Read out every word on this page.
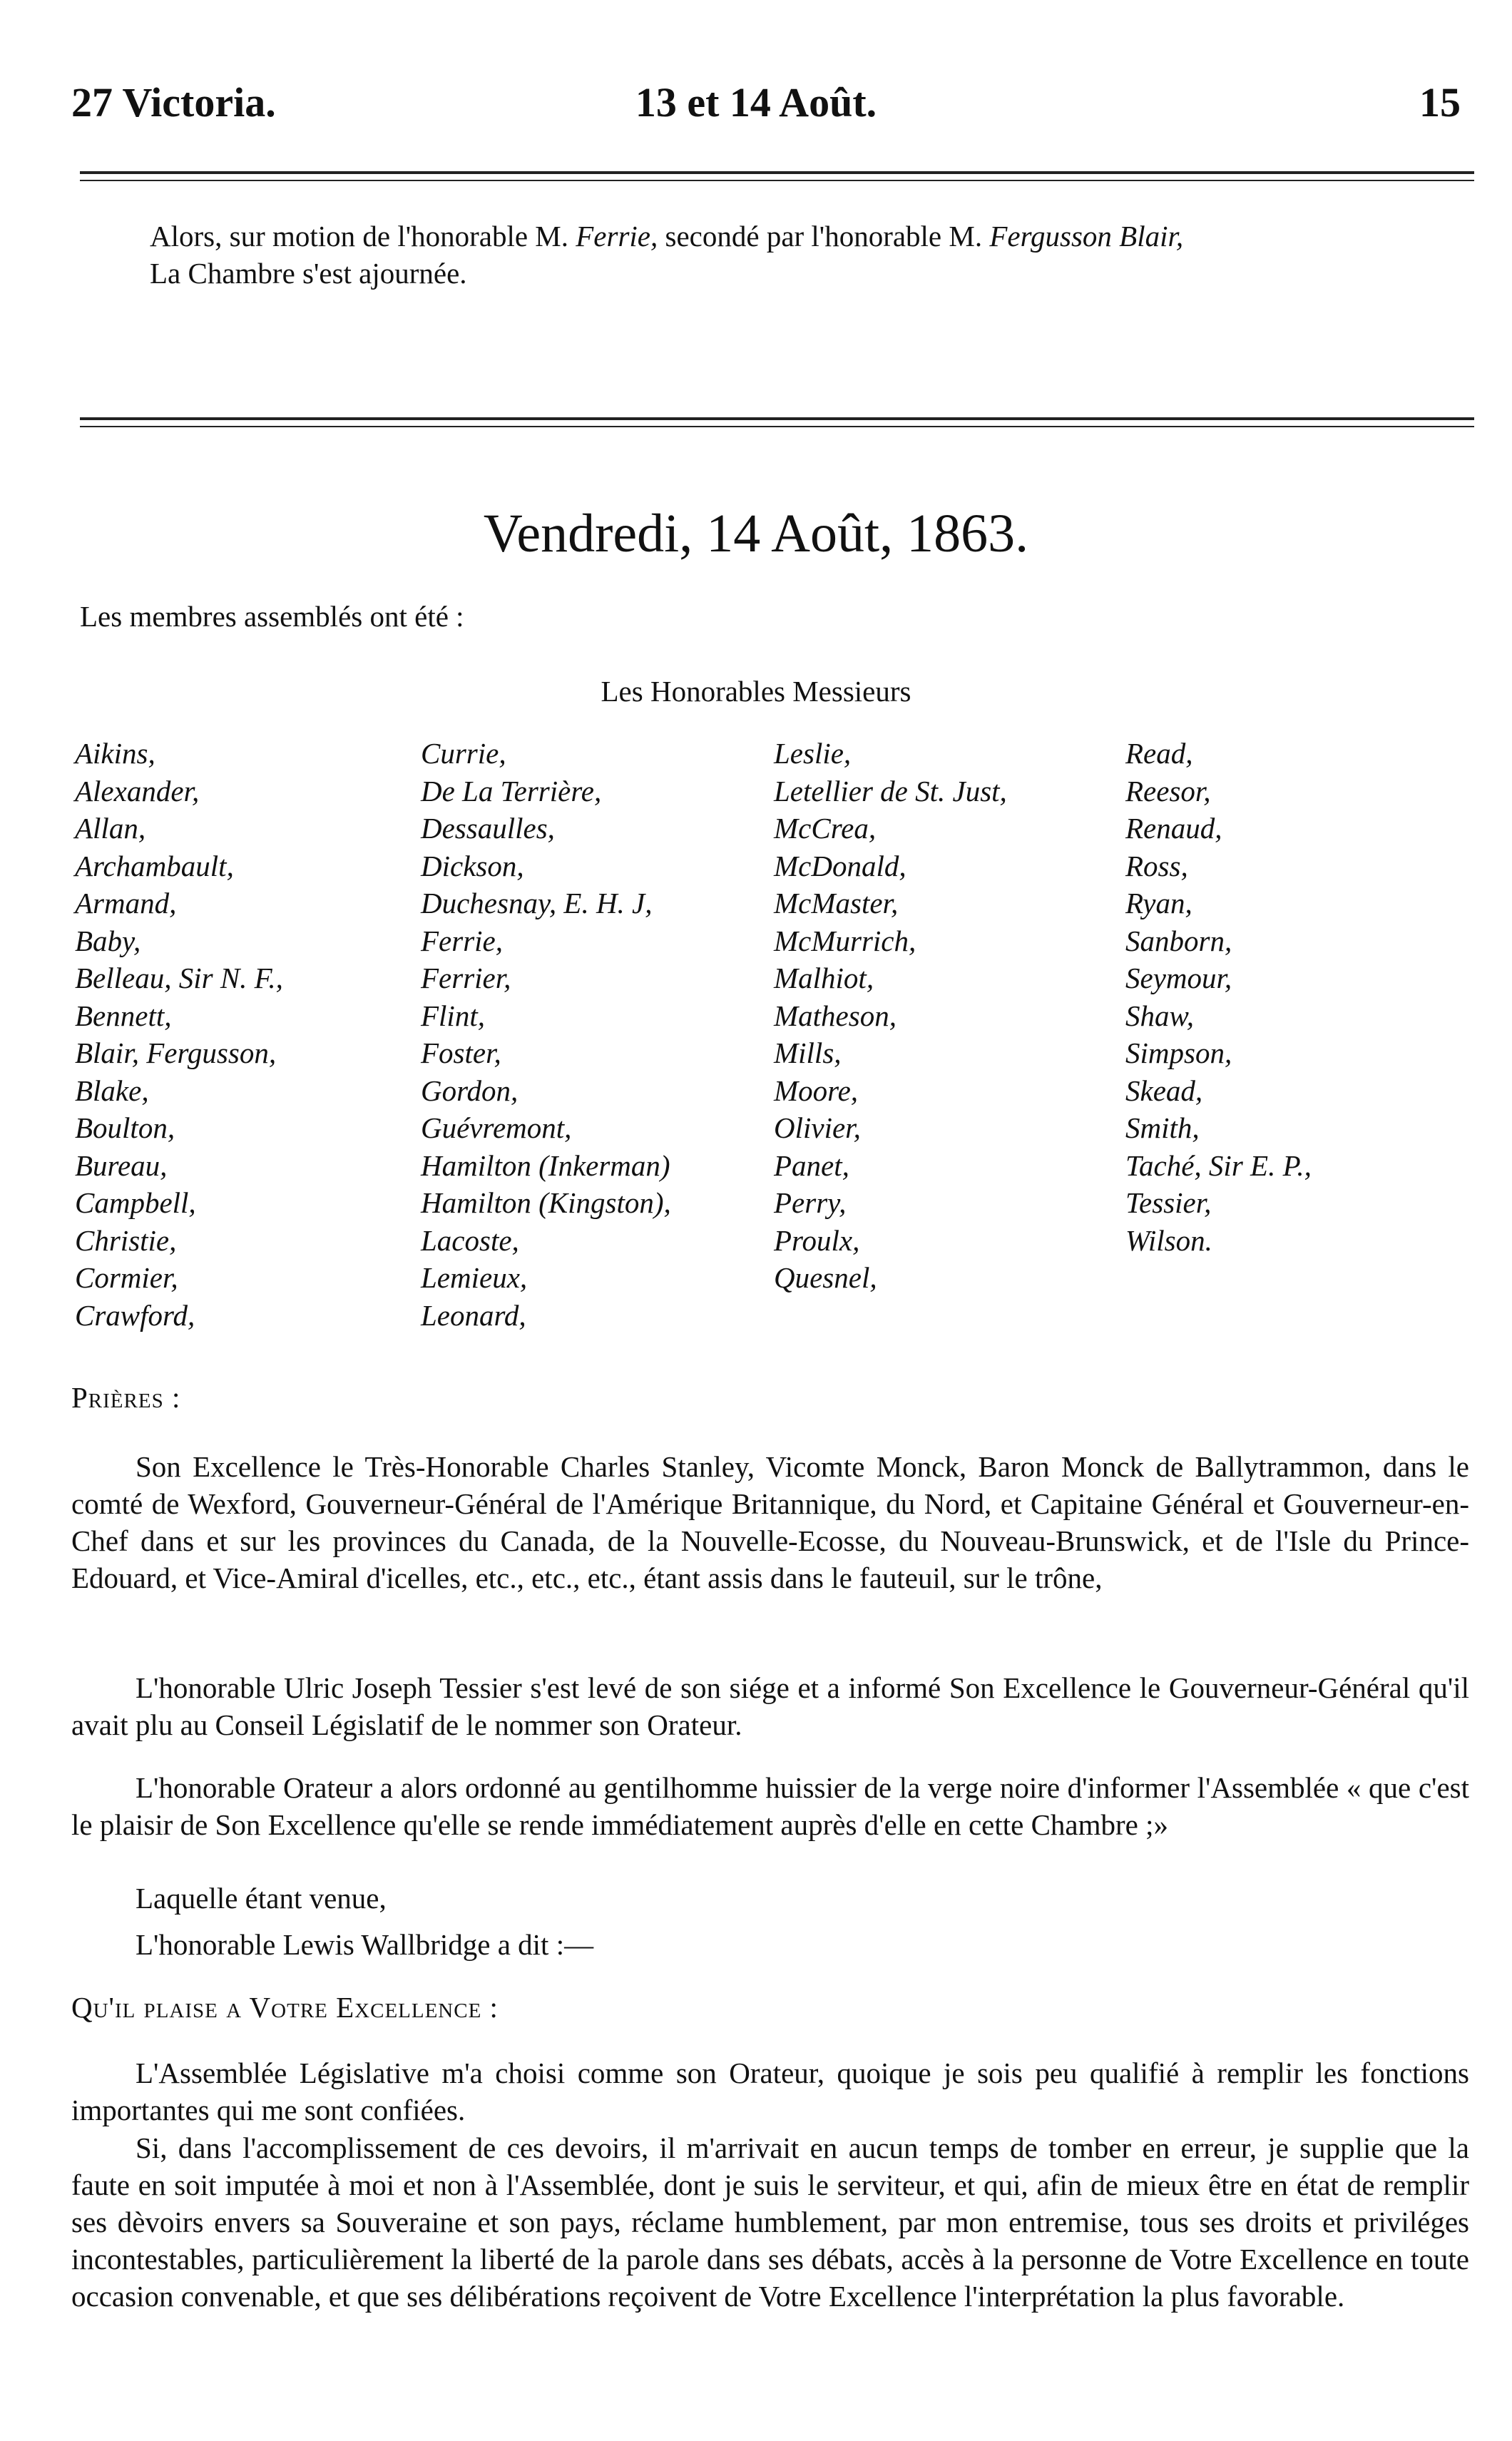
27 Victoria.	13 et 14 Août.	15
Alors, sur motion de l'honorable M. Ferrie, secondé par l'honorable M. Fergusson Blair,
La Chambre s'est ajournée.
Vendredi, 14 Août, 1863.
Les membres assemblés ont été :
Les Honorables Messieurs
Aikins,
Alexander,
Allan,
Archambault,
Armand,
Baby,
Belleau, Sir N. F.,
Bennett,
Blair, Fergusson,
Blake,
Boulton,
Bureau,
Campbell,
Christie,
Cormier,
Crawford,
Currie,
De La Terrière,
Dessaulles,
Dickson,
Duchesnay, E. H. J,
Ferrie,
Ferrier,
Flint,
Foster,
Gordon,
Guévremont,
Hamilton (Inkerman)
Hamilton (Kingston),
Lacoste,
Lemieux,
Leonard,
Leslie,
Letellier de St. Just,
McCrea,
McDonald,
McMaster,
McMurrich,
Malhiot,
Matheson,
Mills,
Moore,
Olivier,
Panet,
Perry,
Proulx,
Quesnel,
Read,
Reesor,
Renaud,
Ross,
Ryan,
Sanborn,
Seymour,
Shaw,
Simpson,
Skead,
Smith,
Taché, Sir E. P.,
Tessier,
Wilson.
Prières :
Son Excellence le Très-Honorable Charles Stanley, Vicomte Monck, Baron Monck de Ballytrammon, dans le comté de Wexford, Gouverneur-Général de l'Amérique Britannique, du Nord, et Capitaine Général et Gouverneur-en-Chef dans et sur les provinces du Canada, de la Nouvelle-Ecosse, du Nouveau-Brunswick, et de l'Isle du Prince-Edouard, et Vice-Amiral d'icelles, etc., etc., etc., étant assis dans le fauteuil, sur le trône,
L'honorable Ulric Joseph Tessier s'est levé de son siége et a informé Son Excellence le Gouverneur-Général qu'il avait plu au Conseil Législatif de le nommer son Orateur.
L'honorable Orateur a alors ordonné au gentilhomme huissier de la verge noire d'informer l'Assemblée « que c'est le plaisir de Son Excellence qu'elle se rende immédiatement auprès d'elle en cette Chambre ;»
Laquelle étant venue,
L'honorable Lewis Wallbridge a dit :—
Qu'il plaise a Votre Excellence :
L'Assemblée Législative m'a choisi comme son Orateur, quoique je sois peu qualifié à remplir les fonctions importantes qui me sont confiées.
Si, dans l'accomplissement de ces devoirs, il m'arrivait en aucun temps de tomber en erreur, je supplie que la faute en soit imputée à moi et non à l'Assemblée, dont je suis le serviteur, et qui, afin de mieux être en état de remplir ses dèvoirs envers sa Souveraine et son pays, réclame humblement, par mon entremise, tous ses droits et priviléges incontestables, particulièrement la liberté de la parole dans ses débats, accès à la personne de Votre Excellence en toute occasion convenable, et que ses délibérations reçoivent de Votre Excellence l'interprétation la plus favorable.
